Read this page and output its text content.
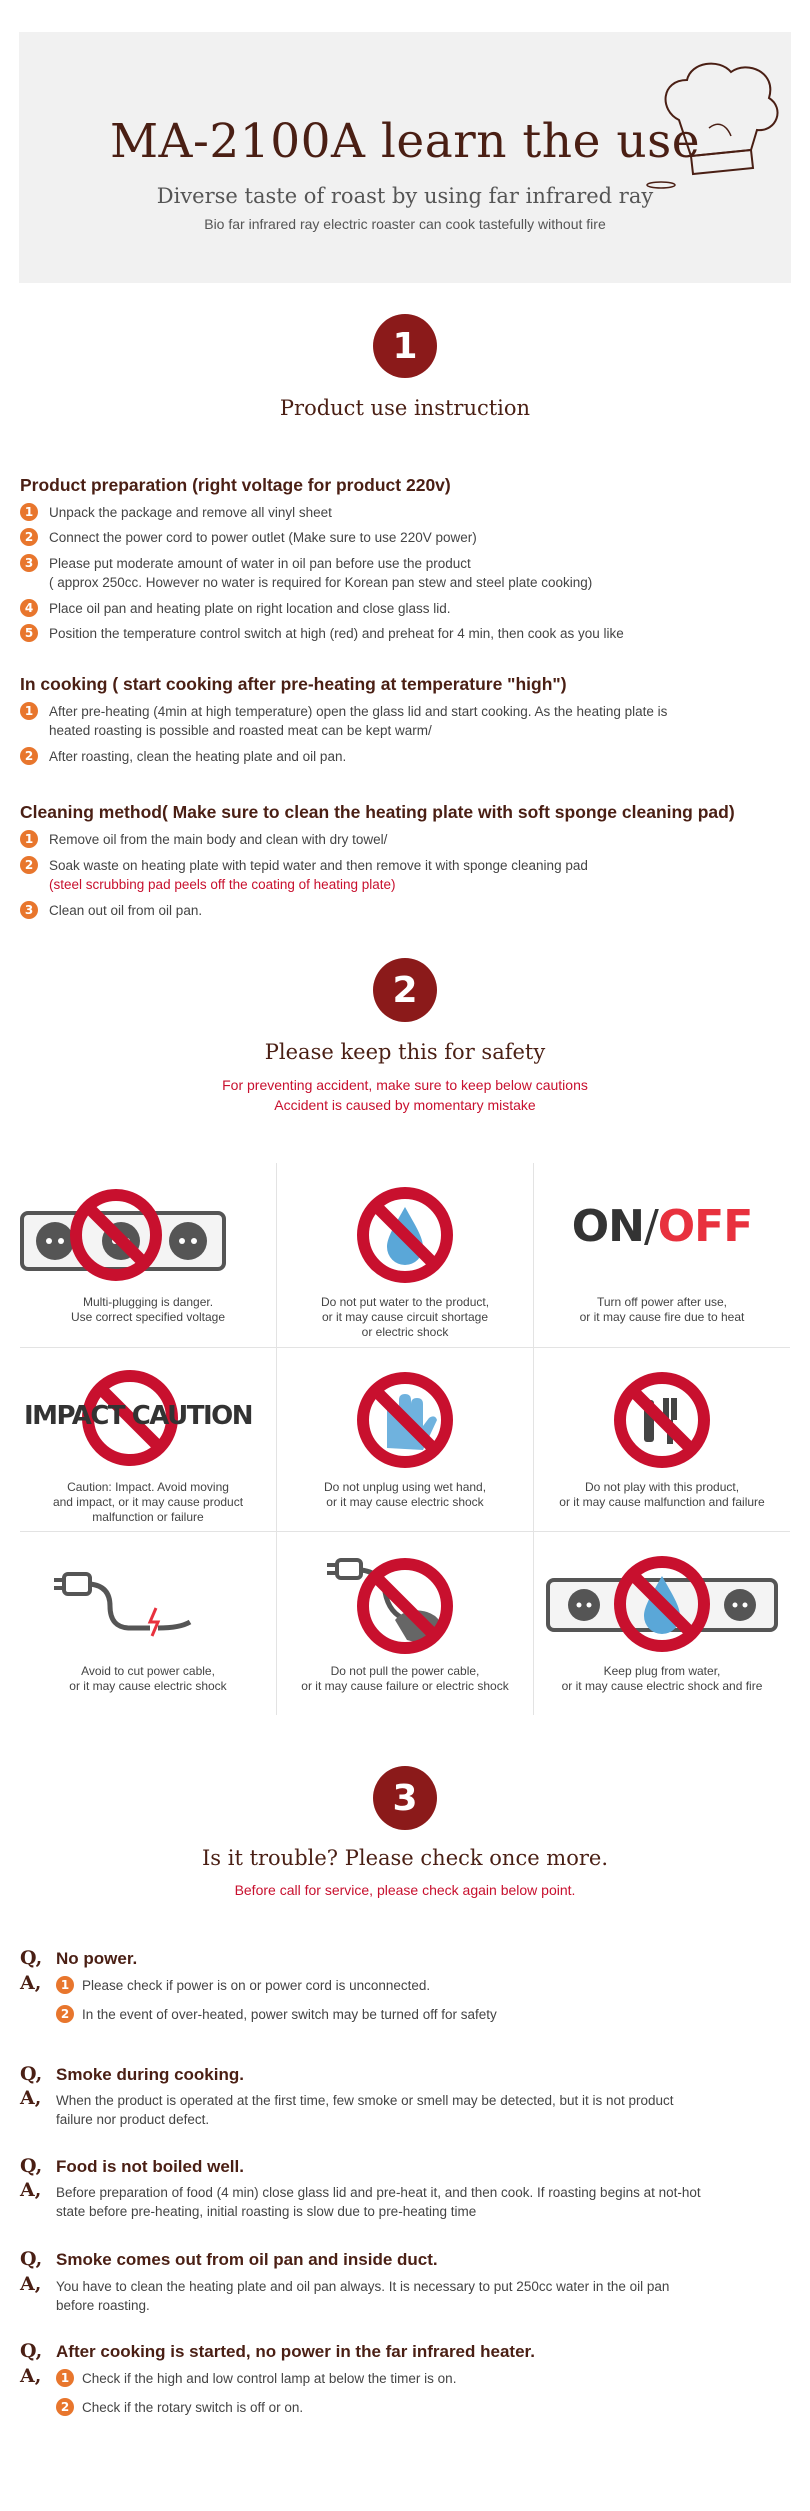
MA-2100A learn the use
Diverse taste of roast by using far infrared ray
Bio far infrared ray electric roaster can cook tastefully without fire
1
Product use instruction
Product preparation (right voltage for product 220v)
1	Unpack the package and remove all vinyl sheet
2	Connect the power cord to power outlet (Make sure to use 220V power)
3	Please put moderate amount of water in oil pan before use the product
( approx 250cc. However no water is required for Korean pan stew and steel plate cooking)
4	Place oil pan and heating plate on right location and close glass lid.
5	Position the temperature control switch at high (red) and preheat for 4 min, then cook as you like
In cooking ( start cooking after pre-heating at temperature "high")
1	After pre-heating (4min at high temperature) open the glass lid and start cooking. As the heating plate is
heated roasting is possible and roasted meat can be kept warm/
2	After roasting, clean the heating plate and oil pan.
Cleaning method( Make sure to clean the heating plate with soft sponge cleaning pad)
1	Remove oil from the main body and clean with dry towel/
2	Soak waste on heating plate with tepid water and then remove it with sponge cleaning pad
(steel scrubbing pad peels off the coating of heating plate)
3	Clean out oil from oil pan.
2
Please keep this for safety
For preventing accident, make sure to keep below cautions
Accident is caused by momentary mistake
Multi-plugging is danger.
Use correct specified voltage
Do not put water to the product,
or it may cause circuit shortage
or electric shock
ON/OFF
Turn off power after use,
or it may cause fire due to heat
IMPACT CAUTION
Caution: Impact. Avoid moving
and impact, or it may cause product
malfunction or failure
Do not unplug using wet hand,
or it may cause electric shock
Do not play with this product,
or it may cause malfunction and failure
Avoid to cut power cable,
or it may cause electric shock
Do not pull the power cable,
or it may cause failure or electric shock
Keep plug from water,
or it may cause electric shock and fire
3
Is it trouble? Please check once more.
Before call for service, please check again below point.
Q, No power.
A,	1 Please check if power is on or power cord is unconnected.
2 In the event of over-heated, power switch may be turned off for safety
Q, Smoke during cooking.
A, When the product is operated at the first time, few smoke or smell may be detected, but it is not product
failure nor product defect.
Q, Food is not boiled well.
A, Before preparation of food (4 min) close glass lid and pre-heat it, and then cook. If roasting begins at not-hot
state before pre-heating, initial roasting is slow due to pre-heating time
Q, Smoke comes out from oil pan and inside duct.
A, You have to clean the heating plate and oil pan always. It is necessary to put 250cc water in the oil pan
before roasting.
Q, After cooking is started, no power in the far infrared heater.
A,	1 Check if the high and low control lamp at below the timer is on.
2 Check if the rotary switch is off or on.
